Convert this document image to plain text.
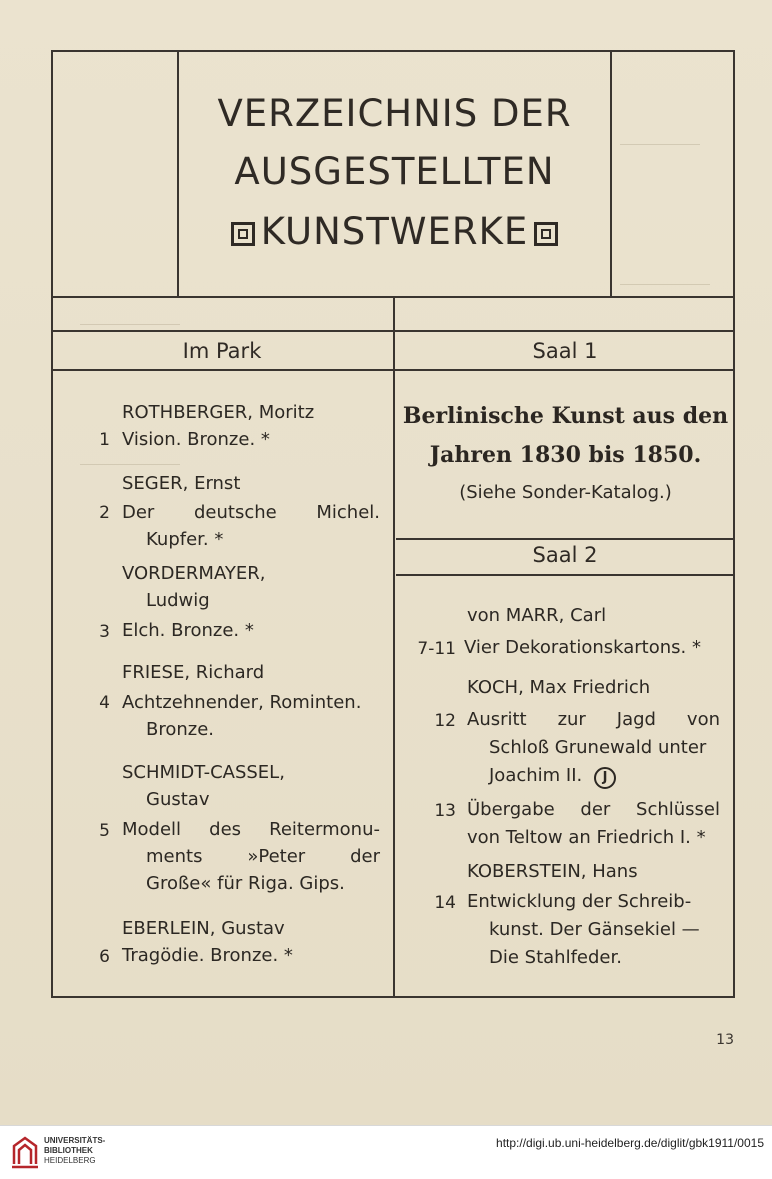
VERZEICHNIS DER
AUSGESTELLTEN
KUNSTWERKE
Im Park	Saal 1
Saal 2
ROTHBERGER, Moritz
1 Vision. Bronze. *
SEGER, Ernst
2 Der deutsche Michel.
Kupfer. *
VORDERMAYER,
Ludwig
3 Elch. Bronze. *
FRIESE, Richard
4 Achtzehnender, Rominten.
Bronze.
SCHMIDT-CASSEL,
Gustav
5 Modell des Reitermonu-
ments »Peter der
Große« für Riga. Gips.
EBERLEIN, Gustav
6 Tragödie. Bronze. *
Berlinische Kunst aus den
Jahren 1830 bis 1850.
(Siehe Sonder-Katalog.)
von MARR, Carl
7-11 Vier Dekorationskartons. *
KOCH, Max Friedrich
12 Ausritt zur Jagd von
Schloß Grunewald unter
Joachim II. J
13 Übergabe der Schlüssel
von Teltow an Friedrich I. *
KOBERSTEIN, Hans
14 Entwicklung der Schreib-
kunst. Der Gänsekiel —
Die Stahlfeder.
13
UNIVERSITÄTS-
BIBLIOTHEK
HEIDELBERG
http://digi.ub.uni-heidelberg.de/diglit/gbk1911/0015
